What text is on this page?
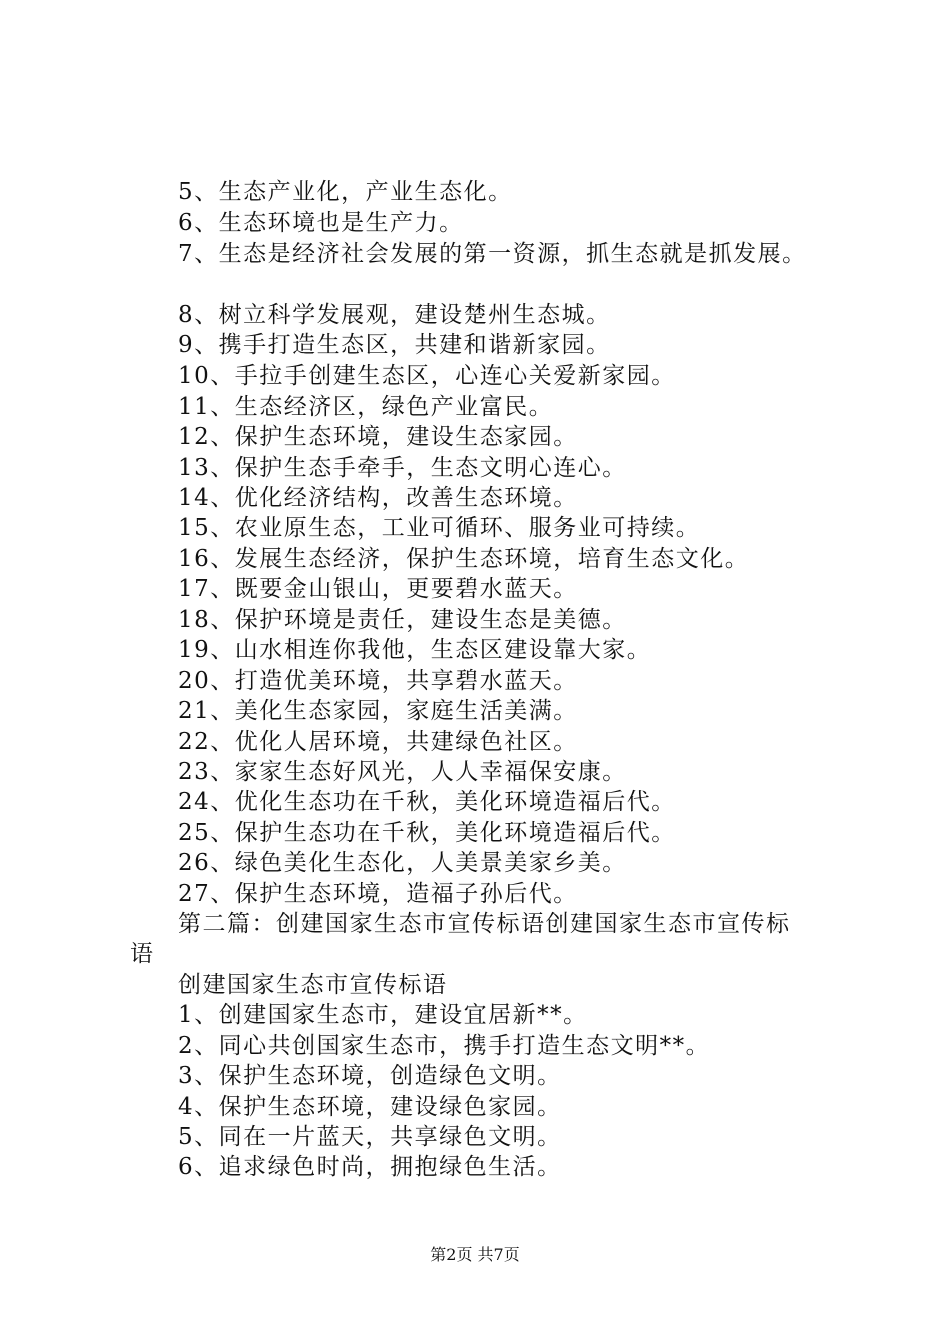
5、生态产业化，产业生态化。
6、生态环境也是生产力。
7、生态是经济社会发展的第一资源，抓生态就是抓发展。
8、树立科学发展观，建设楚州生态城。
9、携手打造生态区，共建和谐新家园。
10、手拉手创建生态区，心连心关爱新家园。
11、生态经济区，绿色产业富民。
12、保护生态环境，建设生态家园。
13、保护生态手牵手，生态文明心连心。
14、优化经济结构，改善生态环境。
15、农业原生态，工业可循环、服务业可持续。
16、发展生态经济，保护生态环境，培育生态文化。
17、既要金山银山，更要碧水蓝天。
18、保护环境是责任，建设生态是美德。
19、山水相连你我他，生态区建设靠大家。
20、打造优美环境，共享碧水蓝天。
21、美化生态家园，家庭生活美满。
22、优化人居环境，共建绿色社区。
23、家家生态好风光，人人幸福保安康。
24、优化生态功在千秋，美化环境造福后代。
25、保护生态功在千秋，美化环境造福后代。
26、绿色美化生态化，人美景美家乡美。
27、保护生态环境，造福子孙后代。
第二篇：创建国家生态市宣传标语创建国家生态市宣传标
语
创建国家生态市宣传标语
1、创建国家生态市，建设宜居新**。
2、同心共创国家生态市，携手打造生态文明**。
3、保护生态环境，创造绿色文明。
4、保护生态环境，建设绿色家园。
5、同在一片蓝天，共享绿色文明。
6、追求绿色时尚，拥抱绿色生活。
第2页 共7页
